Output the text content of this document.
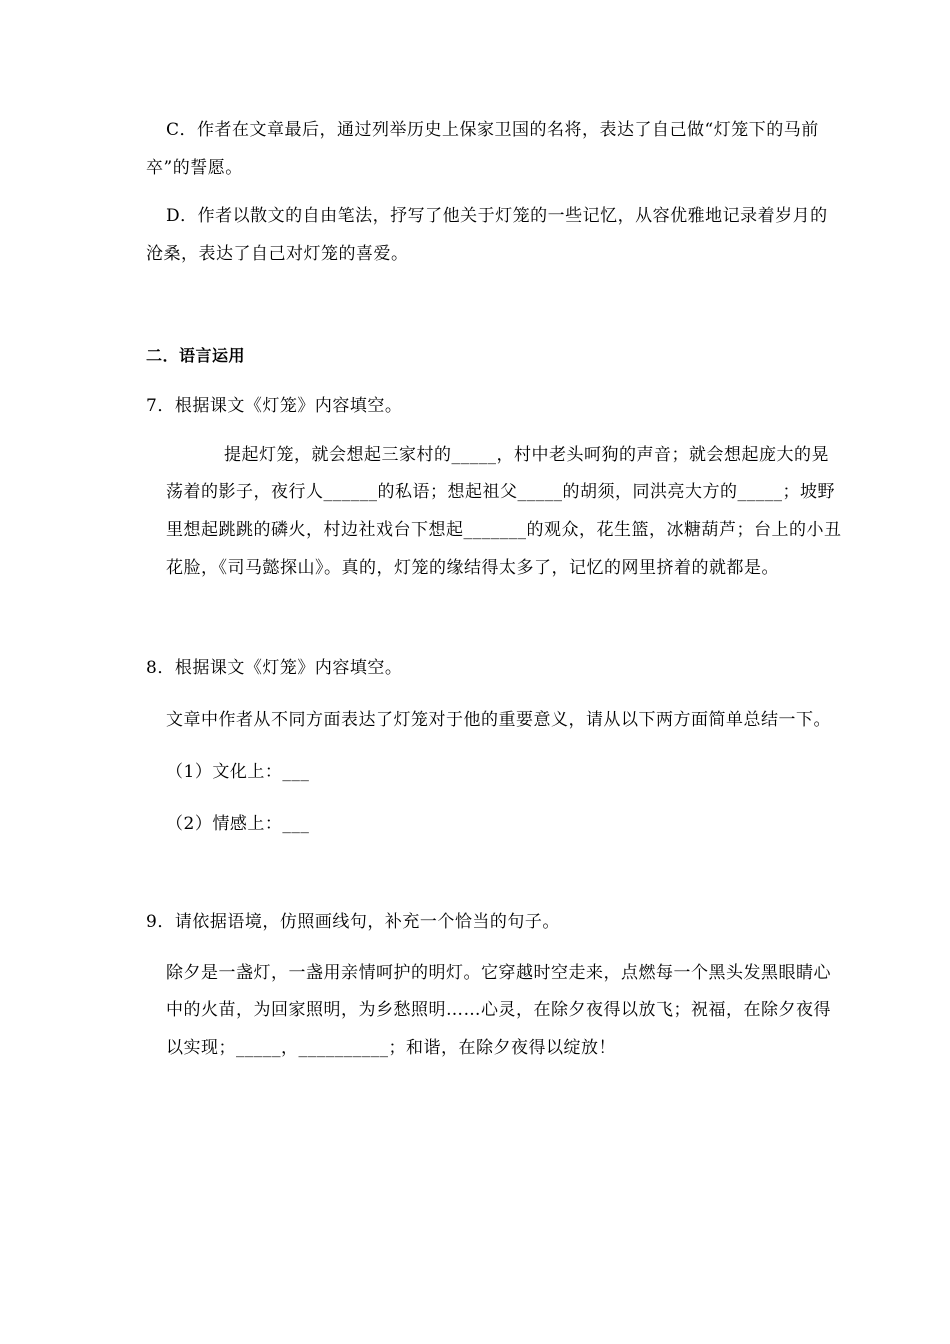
C．作者在文章最后，通过列举历史上保家卫国的名将，表达了自己做“灯笼下的马前
卒”的誓愿。
D．作者以散文的自由笔法，抒写了他关于灯笼的一些记忆，从容优雅地记录着岁月的
沧桑，表达了自己对灯笼的喜爱。
二．语言运用
7．根据课文《灯笼》内容填空。
提起灯笼，就会想起三家村的_____，村中老头呵狗的声音；就会想起庞大的晃
荡着的影子，夜行人______的私语；想起祖父_____的胡须，同洪亮大方的_____；坡野
里想起跳跳的磷火，村边社戏台下想起_______的观众，花生篮，冰糖葫芦；台上的小丑
花脸，《司马懿探山》。真的，灯笼的缘结得太多了，记忆的网里挤着的就都是。
8．根据课文《灯笼》内容填空。
文章中作者从不同方面表达了灯笼对于他的重要意义，请从以下两方面简单总结一下。
（1）文化上：___
（2）情感上：___
9．请依据语境，仿照画线句，补充一个恰当的句子。
除夕是一盏灯，一盏用亲情呵护的明灯。它穿越时空走来，点燃每一个黑头发黑眼睛心
中的火苗，为回家照明，为乡愁照明……心灵，在除夕夜得以放飞；祝福，在除夕夜得
以实现；_____，__________；和谐，在除夕夜得以绽放！
